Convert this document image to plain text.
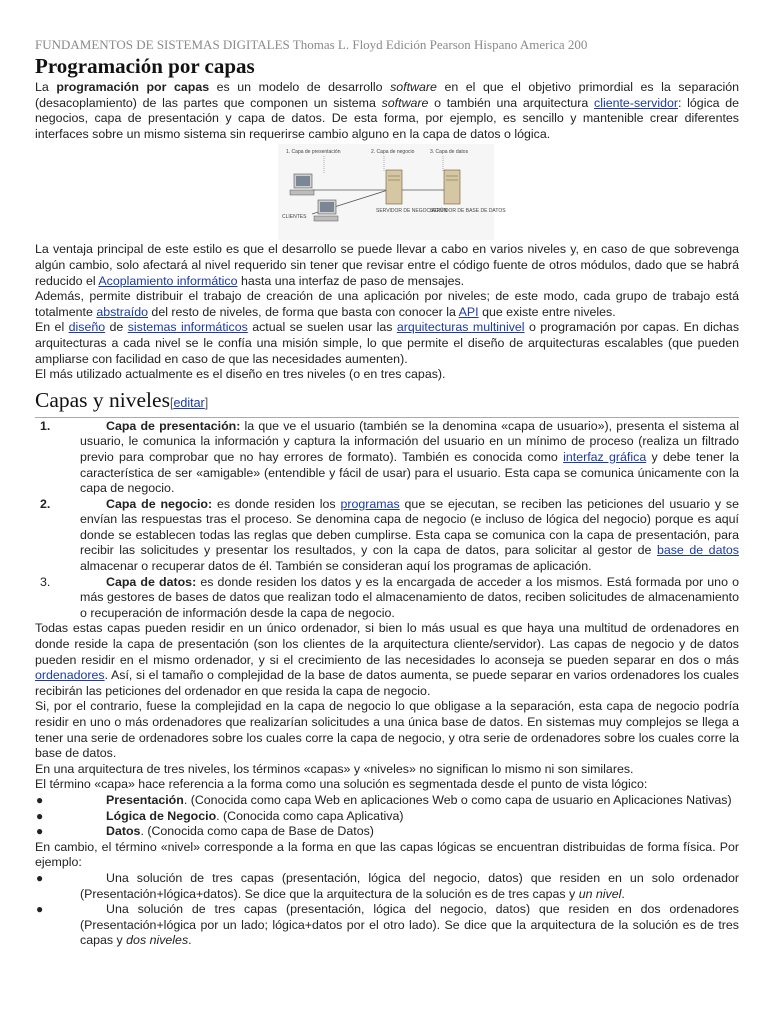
FUNDAMENTOS DE SISTEMAS DIGITALES Thomas L. Floyd Edición Pearson Hispano America 200
Programación por capas

La programación por capas es un modelo de desarrollo software en el que el objetivo primordial es la separación (desacoplamiento) de las partes que componen un sistema software o también una arquitectura cliente-servidor: lógica de negocios, capa de presentación y capa de datos. De esta forma, por ejemplo, es sencillo y mantenible crear diferentes interfaces sobre un mismo sistema sin requerirse cambio alguno en la capa de datos o lógica.

1. Capa de presentación	2. Capa de negocio	3. Capa de datos
CLIENTES
SERVIDOR DE NEGOCIACIÓN
SERVIDOR DE BASE DE DATOS

La ventaja principal de este estilo es que el desarrollo se puede llevar a cabo en varios niveles y, en caso de que sobrevenga algún cambio, solo afectará al nivel requerido sin tener que revisar entre el código fuente de otros módulos, dado que se habrá reducido el Acoplamiento informático hasta una interfaz de paso de mensajes.

Además, permite distribuir el trabajo de creación de una aplicación por niveles; de este modo, cada grupo de trabajo está totalmente abstraído del resto de niveles, de forma que basta con conocer la API que existe entre niveles.

En el diseño de sistemas informáticos actual se suelen usar las arquitecturas multinivel o programación por capas. En dichas arquitecturas a cada nivel se le confía una misión simple, lo que permite el diseño de arquitecturas escalables (que pueden ampliarse con facilidad en caso de que las necesidades aumenten).

El más utilizado actualmente es el diseño en tres niveles (o en tres capas).

Capas y niveles[editar]
1.	Capa de presentación: la que ve el usuario (también se la denomina «capa de usuario»), presenta el sistema al usuario, le comunica la información y captura la información del usuario en un mínimo de proceso (realiza un filtrado previo para comprobar que no hay errores de formato). También es conocida como interfaz gráfica y debe tener la característica de ser «amigable» (entendible y fácil de usar) para el usuario. Esta capa se comunica únicamente con la capa de negocio.
2.	Capa de negocio: es donde residen los programas que se ejecutan, se reciben las peticiones del usuario y se envían las respuestas tras el proceso. Se denomina capa de negocio (e incluso de lógica del negocio) porque es aquí donde se establecen todas las reglas que deben cumplirse. Esta capa se comunica con la capa de presentación, para recibir las solicitudes y presentar los resultados, y con la capa de datos, para solicitar al gestor de base de datos almacenar o recuperar datos de él. También se consideran aquí los programas de aplicación.
3.	Capa de datos: es donde residen los datos y es la encargada de acceder a los mismos. Está formada por uno o más gestores de bases de datos que realizan todo el almacenamiento de datos, reciben solicitudes de almacenamiento o recuperación de información desde la capa de negocio.

Todas estas capas pueden residir en un único ordenador, si bien lo más usual es que haya una multitud de ordenadores en donde reside la capa de presentación (son los clientes de la arquitectura cliente/servidor). Las capas de negocio y de datos pueden residir en el mismo ordenador, y si el crecimiento de las necesidades lo aconseja se pueden separar en dos o más ordenadores. Así, si el tamaño o complejidad de la base de datos aumenta, se puede separar en varios ordenadores los cuales recibirán las peticiones del ordenador en que resida la capa de negocio.

Si, por el contrario, fuese la complejidad en la capa de negocio lo que obligase a la separación, esta capa de negocio podría residir en uno o más ordenadores que realizarían solicitudes a una única base de datos. En sistemas muy complejos se llega a tener una serie de ordenadores sobre los cuales corre la capa de negocio, y otra serie de ordenadores sobre los cuales corre la base de datos.

En una arquitectura de tres niveles, los términos «capas» y «niveles» no significan lo mismo ni son similares.

El término «capa» hace referencia a la forma como una solución es segmentada desde el punto de vista lógico:

●	Presentación. (Conocida como capa Web en aplicaciones Web o como capa de usuario en Aplicaciones Nativas)
●	Lógica de Negocio. (Conocida como capa Aplicativa)
●	Datos. (Conocida como capa de Base de Datos)

En cambio, el término «nivel» corresponde a la forma en que las capas lógicas se encuentran distribuidas de forma física. Por ejemplo:

●	Una solución de tres capas (presentación, lógica del negocio, datos) que residen en un solo ordenador (Presentación+lógica+datos). Se dice que la arquitectura de la solución es de tres capas y un nivel.
●	Una solución de tres capas (presentación, lógica del negocio, datos) que residen en dos ordenadores (Presentación+lógica por un lado; lógica+datos por el otro lado). Se dice que la arquitectura de la solución es de tres capas y dos niveles.
